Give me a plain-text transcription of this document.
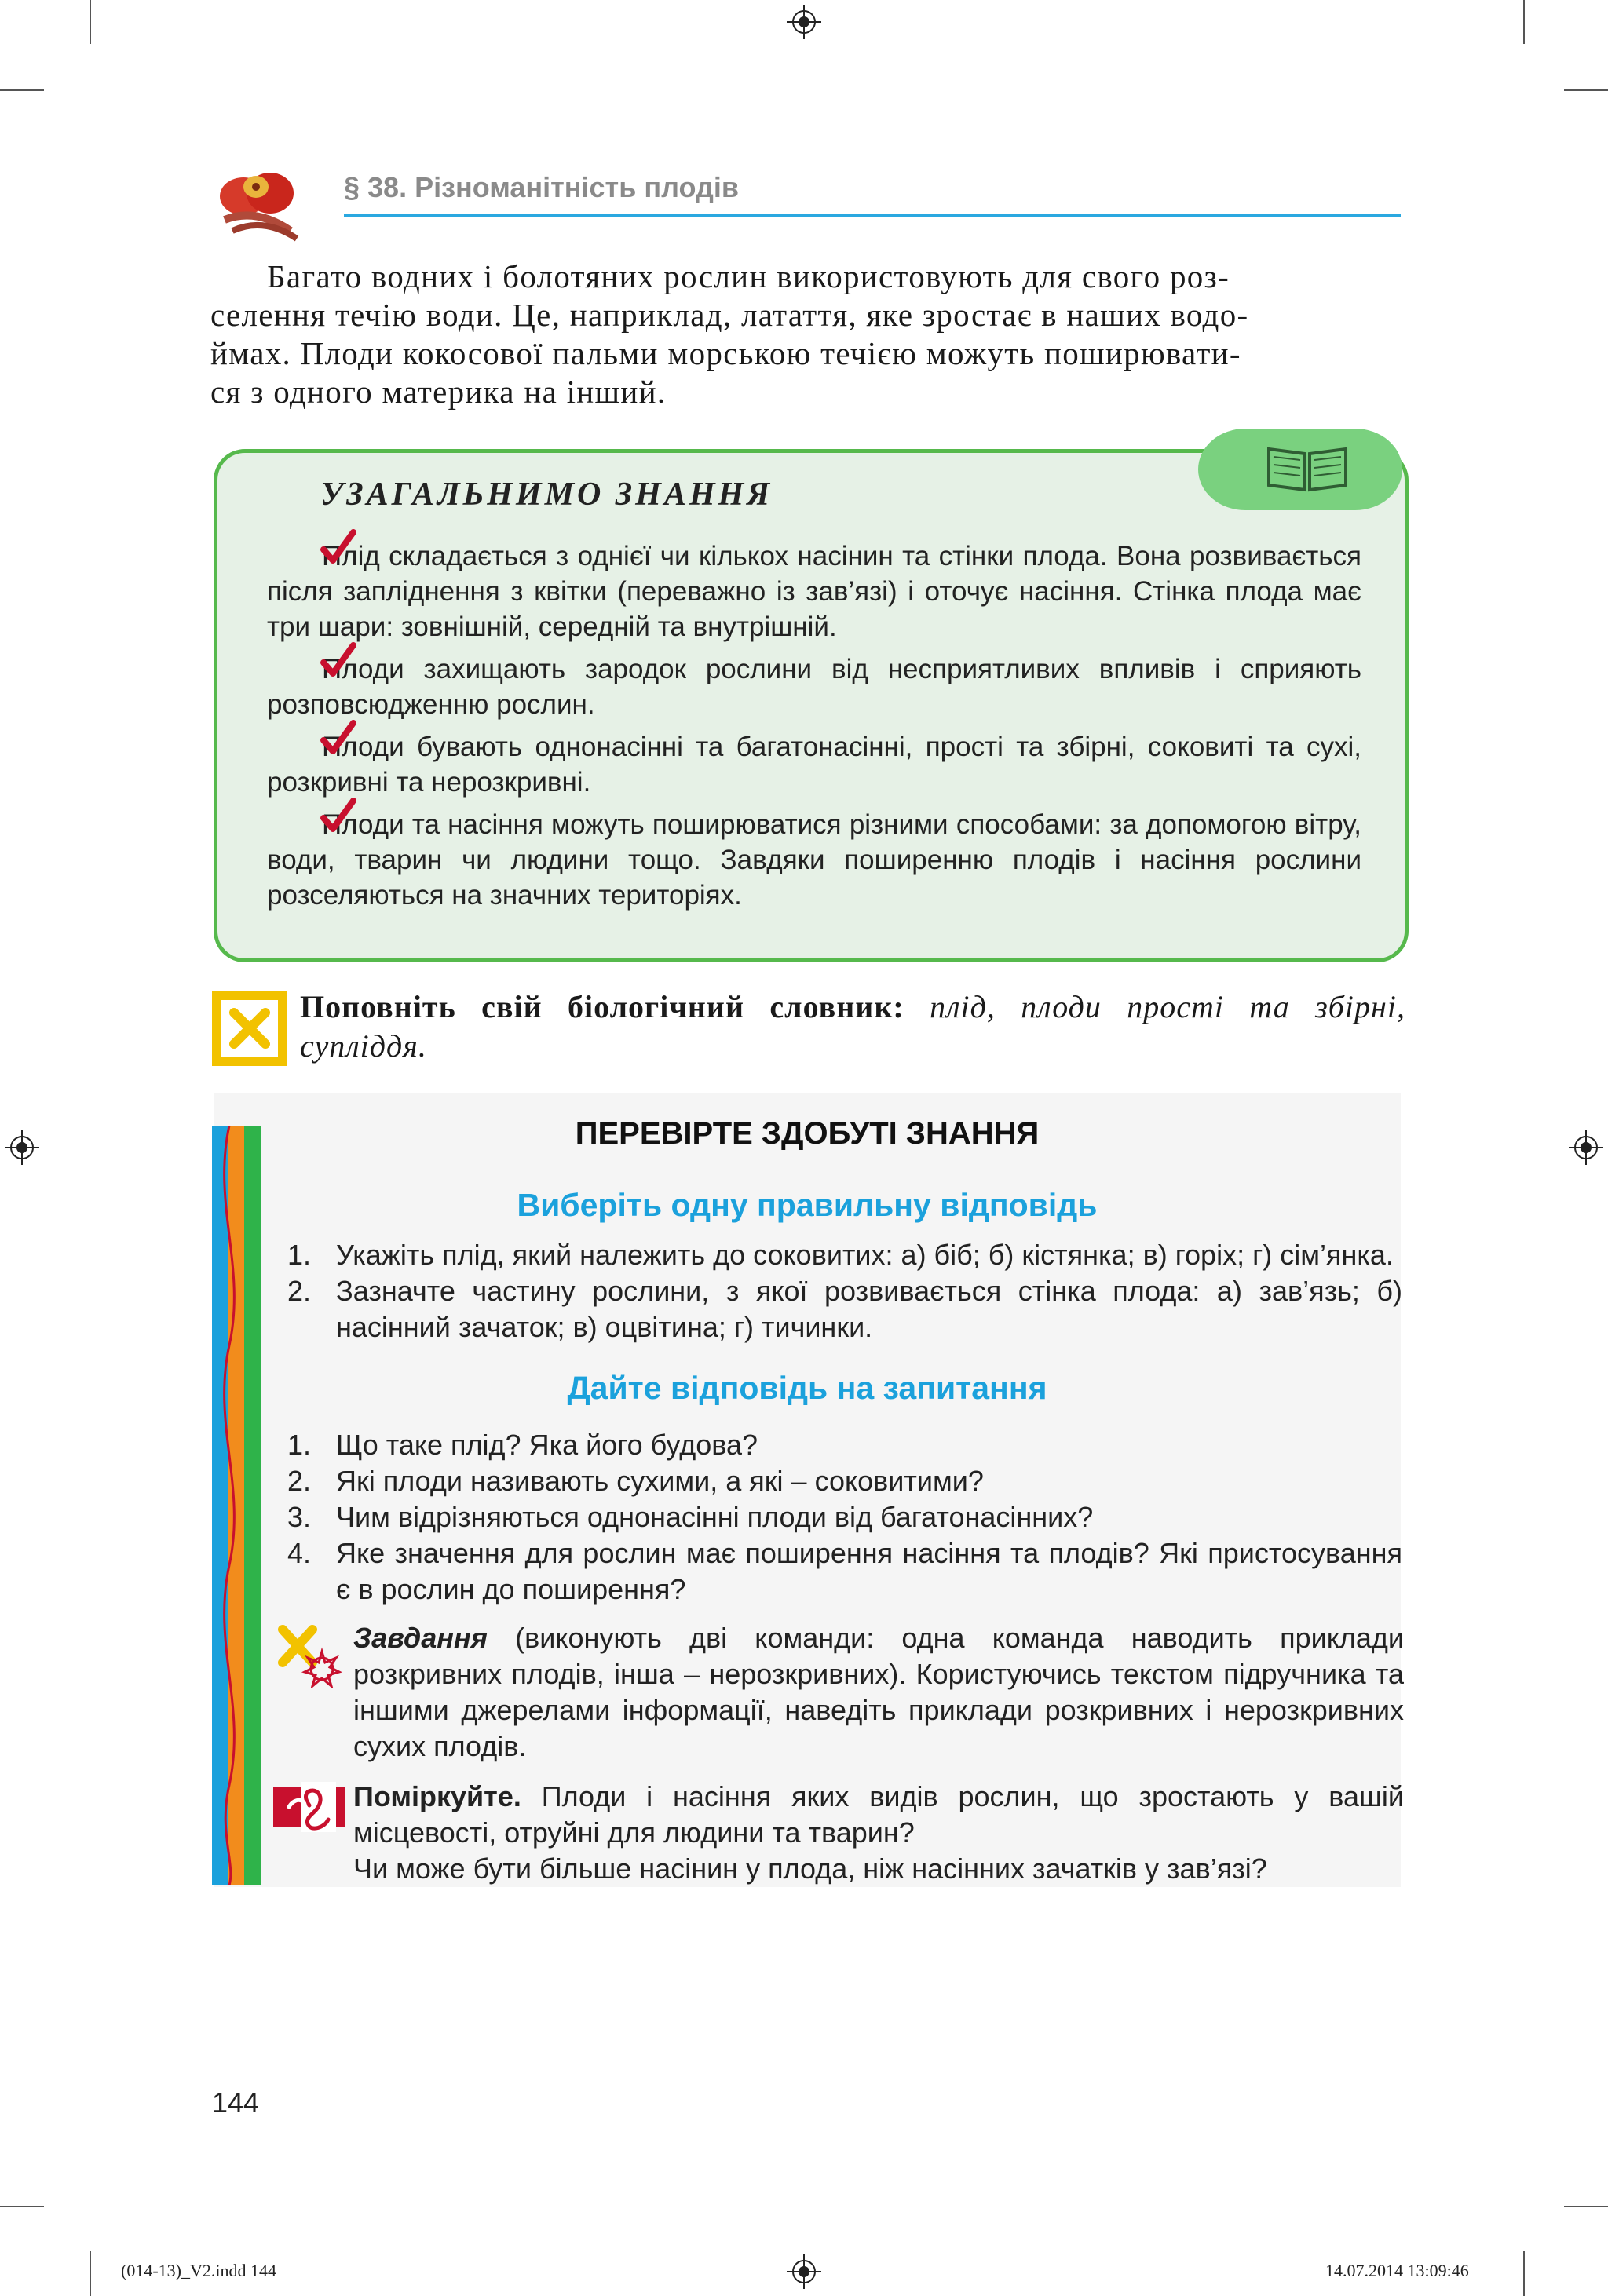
§ 38. Різноманітність плодів

Багато водних і болотяних рослин використовують для свого роз-

селення течію води. Це, наприклад, латаття, яке зростає в наших водо-

ймах. Плоди кокосової пальми морською течією можуть поширювати-

ся з одного материка на інший.

УЗАГАЛЬНИМО ЗНАННЯ

Плід складається з однієї чи кількох насінин та стінки плода. Вона розвивається після запліднення з квітки (переважно із зав’язі) і оточує насіння. Стінка плода має три шари: зовнішній, середній та внутрішній.

Плоди захищають зародок рослини від несприятливих впливів і сприяють розповсюдженню рослин.

Плоди бувають однонасінні та багатонасінні, прості та збірні, соковиті та сухі, розкривні та нерозкривні.

Плоди та насіння можуть поширюватися різними способами: за допомогою вітру, води, тварин чи людини тощо. Завдяки поширенню плодів і насіння рослини розселяються на значних територіях.

Поповніть свій біологічний словник: плід, плоди прості та збірні, супліддя.
ПЕРЕВІРТЕ ЗДОБУТІ ЗНАННЯ
Виберіть одну правильну відповідь
1. Укажіть плід, який належить до соковитих: а) біб; б) кістянка; в) горіх; г) сім’янка.
2. Зазначте частину рослини, з якої розвивається стінка плода: а) зав’язь; б) насінний зачаток; в) оцвітина; г) тичинки.
Дайте відповідь на запитання
1. Що таке плід? Яка його будова?
2. Які плоди називають сухими, а які – соковитими?
3. Чим відрізняються однонасінні плоди від багатонасінних?
4. Яке значення для рослин має поширення насіння та плодів? Які пристосування є в рослин до поширення?
Завдання (виконують дві команди: одна команда наводить приклади розкривних плодів, інша – нерозкривних). Користуючись текстом підручника та іншими джерелами інформації, наведіть приклади розкривних і нерозкривних сухих плодів.
Поміркуйте. Плоди і насіння яких видів рослин, що зростають у вашій місцевості, отруйні для людини та тварин?
Чи може бути більше насінин у плода, ніж насінних зачатків у зав’язі?
144
(014-13)_V2.indd 144	14.07.2014 13:09:46
